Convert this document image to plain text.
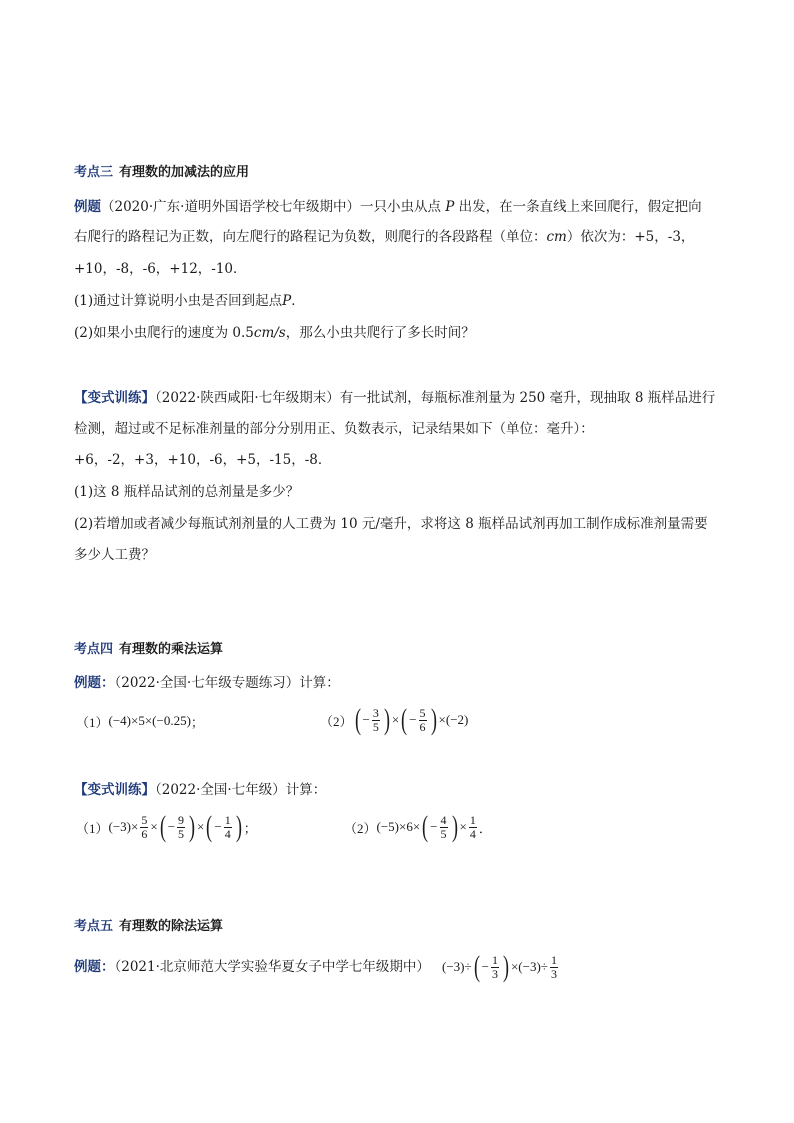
考点三 有理数的加减法的应用
例题（2020·广东·道明外国语学校七年级期中）一只小虫从点 P 出发，在一条直线上来回爬行，假定把向
右爬行的路程记为正数，向左爬行的路程记为负数，则爬行的各段路程（单位：cm）依次为：+5，-3，
+10，-8，-6，+12，-10．
(1)通过计算说明小虫是否回到起点P．
(2)如果小虫爬行的速度为 0.5cm/s，那么小虫共爬行了多长时间？
【变式训练】（2022·陕西咸阳·七年级期末）有一批试剂，每瓶标准剂量为 250 毫升，现抽取 8 瓶样品进行
检测，超过或不足标准剂量的部分分别用正、负数表示，记录结果如下（单位：毫升）：
+6，-2，+3，+10，-6，+5，-15，-8．
(1)这 8 瓶样品试剂的总剂量是多少？
(2)若增加或者减少每瓶试剂剂量的人工费为 10 元/毫升，求将这 8 瓶样品试剂再加工制作成标准剂量需要
多少人工费？
考点四 有理数的乘法运算
例题：（2022·全国·七年级专题练习）计算：
（1） (−4)×5× (−0.25) ；	（2） ( − $\frac{3}{5}$ ) × ( − $\frac{5}{6}$ ) ×(−2)
【变式训练】（2022·全国·七年级）计算：
（1） $(-3)\times \frac{5}{6}$ × ( − $\frac{9}{5}$ ) × ( − $\frac{1}{4}$ ) ；	（2） (−5)×6× ( − $\frac{4}{5}$ ) × $\frac{1}{4}$ ．
考点五 有理数的除法运算
例题：（2021·北京师范大学实验华夏女子中学七年级期中） (−3)÷ ( − $\frac{1}{3}$ ) $\times(-3)\div \frac{1}{3}$
